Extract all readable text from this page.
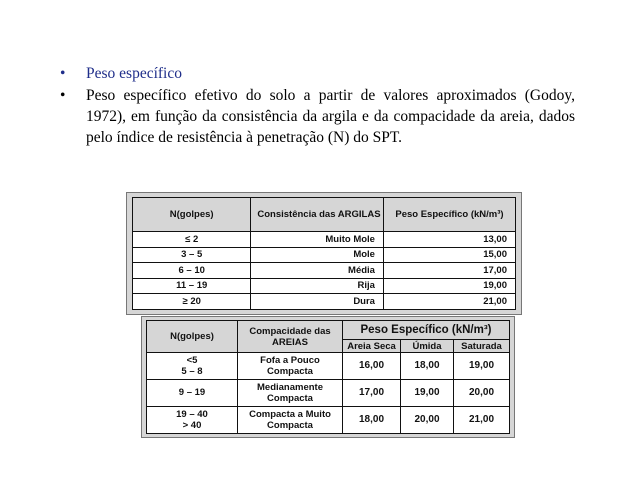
• Peso específico
• Peso específico efetivo do solo a partir de valores aproximados (Godoy, 1972), em função da consistência da argila e da compacidade da areia, dados pelo índice de resistência à penetração (N) do SPT.
N(golpes)	Consistência das ARGILAS	Peso Específico (kN/m³)
≤ 2	Muito Mole	13,00
3 – 5	Mole	15,00
6 – 10	Média	17,00
11 – 19	Rija	19,00
≥ 20	Dura	21,00
N(golpes)	Compacidade das AREIAS	Peso Específico (kN/m³)		
		Areia Seca	Úmida	Saturada
<5
5 – 8	Fofa a Pouco Compacta	16,00	18,00	19,00
9 – 19	Medianamente Compacta	17,00	19,00	20,00
19 – 40
> 40	Compacta a Muito Compacta	18,00	20,00	21,00
